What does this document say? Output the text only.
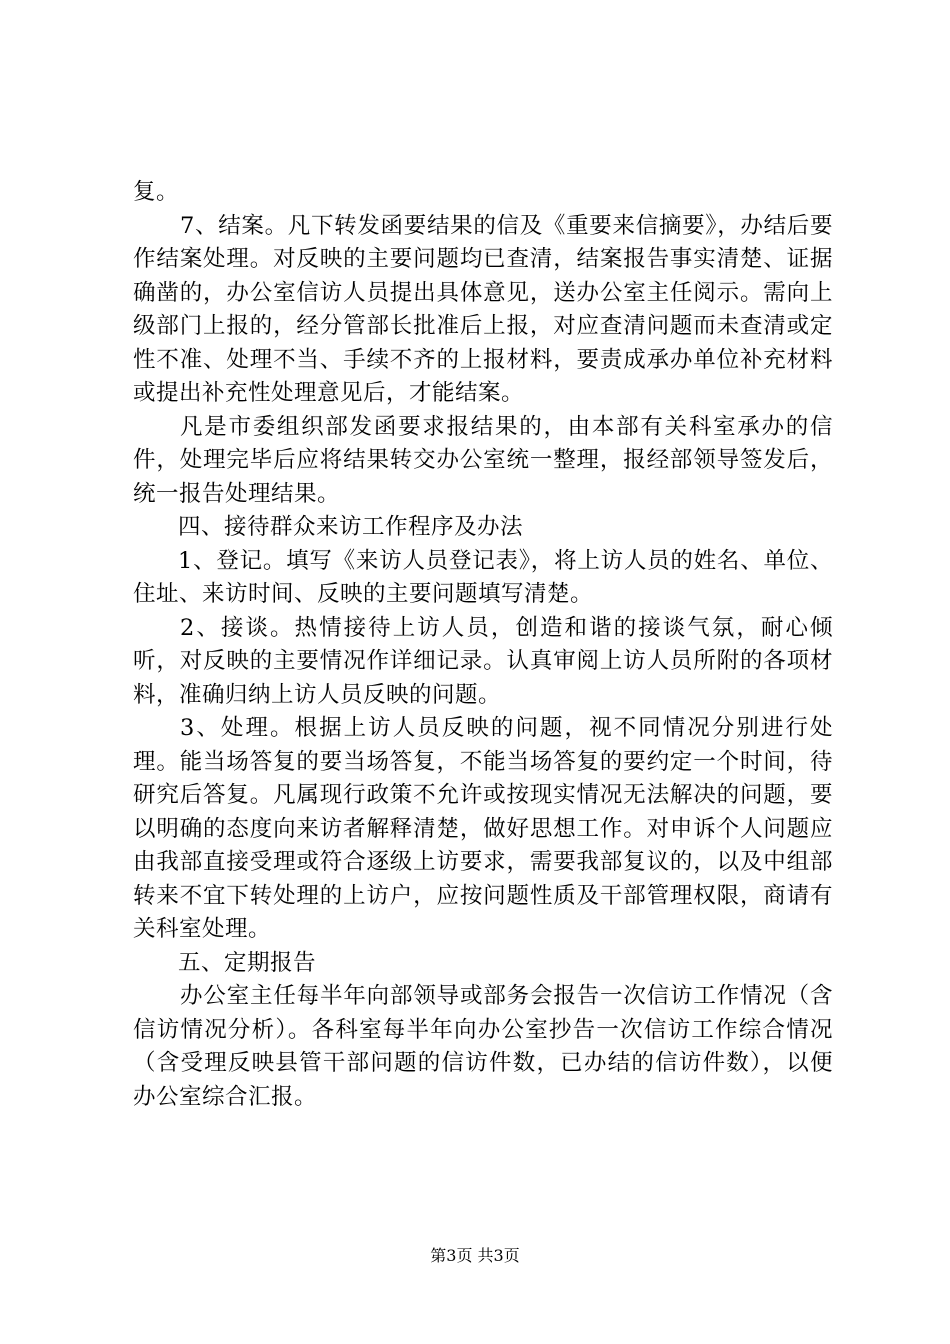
复。

7、结案。凡下转发函要结果的信及《重要来信摘要》，办结后要作结案处理。对反映的主要问题均已查清，结案报告事实清楚、证据确凿的，办公室信访人员提出具体意见，送办公室主任阅示。需向上级部门上报的，经分管部长批准后上报，对应查清问题而未查清或定性不准、处理不当、手续不齐的上报材料，要责成承办单位补充材料或提出补充性处理意见后，才能结案。

凡是市委组织部发函要求报结果的，由本部有关科室承办的信件，处理完毕后应将结果转交办公室统一整理，报经部领导签发后，统一报告处理结果。

四、接待群众来访工作程序及办法

1、登记。填写《来访人员登记表》，将上访人员的姓名、单位、住址、来访时间、反映的主要问题填写清楚。

2、接谈。热情接待上访人员，创造和谐的接谈气氛，耐心倾听，对反映的主要情况作详细记录。认真审阅上访人员所附的各项材料，准确归纳上访人员反映的问题。

3、处理。根据上访人员反映的问题，视不同情况分别进行处理。能当场答复的要当场答复，不能当场答复的要约定一个时间，待研究后答复。凡属现行政策不允许或按现实情况无法解决的问题，要以明确的态度向来访者解释清楚，做好思想工作。对申诉个人问题应由我部直接受理或符合逐级上访要求，需要我部复议的，以及中组部转来不宜下转处理的上访户，应按问题性质及干部管理权限，商请有关科室处理。

五、定期报告

办公室主任每半年向部领导或部务会报告一次信访工作情况（含信访情况分析）。各科室每半年向办公室抄告一次信访工作综合情况（含受理反映县管干部问题的信访件数，已办结的信访件数），以便办公室综合汇报。

第3页 共3页
